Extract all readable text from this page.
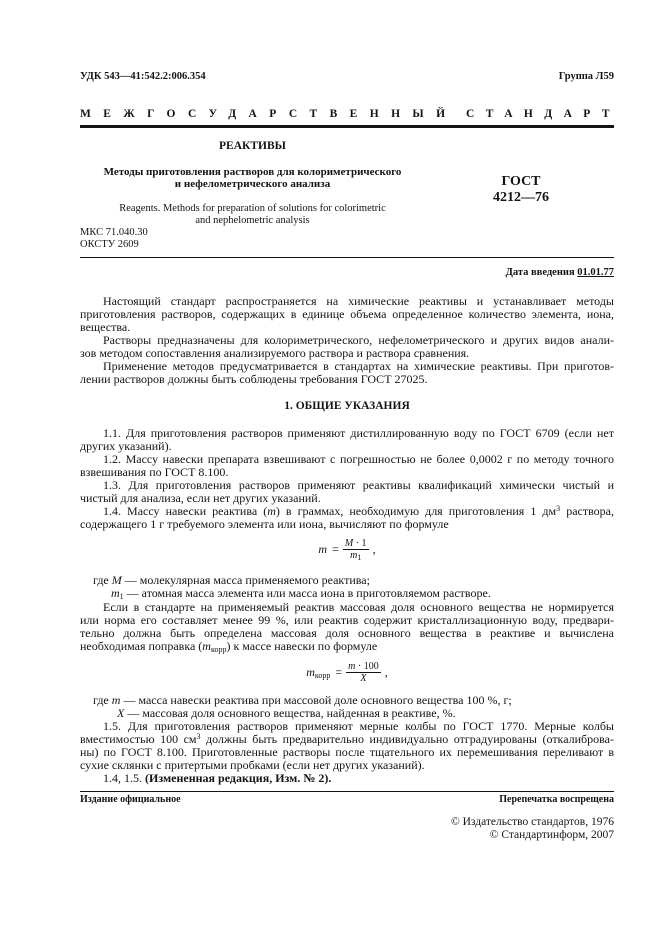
УДК 543—41:542.2:006.354	Группа Л59
МЕЖГОСУДАРСТВЕННЫЙ СТАНДАРТ
РЕАКТИВЫ
Методы приготовления растворов для колориметрического
и нефелометрического анализа
Reagents. Methods for preparation of solutions for colorimetric
and nephelometric analysis
МКС 71.040.30
ОКСТУ 2609
ГОСТ
4212—76
Дата введения 01.01.77
Настоящий стандарт распространяется на химические реактивы и устанавливает методы
приготовления растворов, содержащих в единице объема определенное количество элемента, иона,
вещества.
Растворы предназначены для колориметрического, нефелометрического и других видов анали-
зов методом сопоставления анализируемого раствора и раствора сравнения.
Применение методов предусматривается в стандартах на химические реактивы. При приготов-
лении растворов должны быть соблюдены требования ГОСТ 27025.
1. ОБЩИЕ УКАЗАНИЯ
1.1. Для приготовления растворов применяют дистиллированную воду по ГОСТ 6709 (если нет
других указаний).
1.2. Массу навески препарата взвешивают с погрешностью не более 0,0002 г по методу точного
взвешивания по ГОСТ 8.100.
1.3. Для приготовления растворов применяют реактивы квалификаций химически чистый и
чистый для анализа, если нет других указаний.
1.4. Массу навески реактива (m) в граммах, необходимую для приготовления 1 $дм^3$ раствора,
содержащего 1 г требуемого элемента или иона, вычисляют по формуле
$m = \frac{M \cdot 1}{m_1}$ ,
где M — молекулярная масса применяемого реактива;
$m_1$ — атомная масса элемента или масса иона в приготовляемом растворе.
Если в стандарте на применяемый реактив массовая доля основного вещества не нормируется
или норма его составляет менее 99 %, или реактив содержит кристаллизационную воду, предвари-
тельно должна быть определена массовая доля основного вещества в реактиве и вычислена
необходимая поправка $(m_{корр})$ к массе навески по формуле
$m_{корр} = \frac{m \cdot 100}{X}$ ,
где m — масса навески реактива при массовой доле основного вещества 100 %, г;
X — массовая доля основного вещества, найденная в реактиве, %.
1.5. Для приготовления растворов применяют мерные колбы по ГОСТ 1770. Мерные колбы
вместимостью 100 $см^3$ должны быть предварительно индивидуально отградуированы (откалиброва-
ны) по ГОСТ 8.100. Приготовленные растворы после тщательного их перемешивания переливают в
сухие склянки с притертыми пробками (если нет других указаний).
1.4, 1.5. (Измененная редакция, Изм. № 2).
Издание официальное	Перепечатка воспрещена
© Издательство стандартов, 1976
© Стандартинформ, 2007
